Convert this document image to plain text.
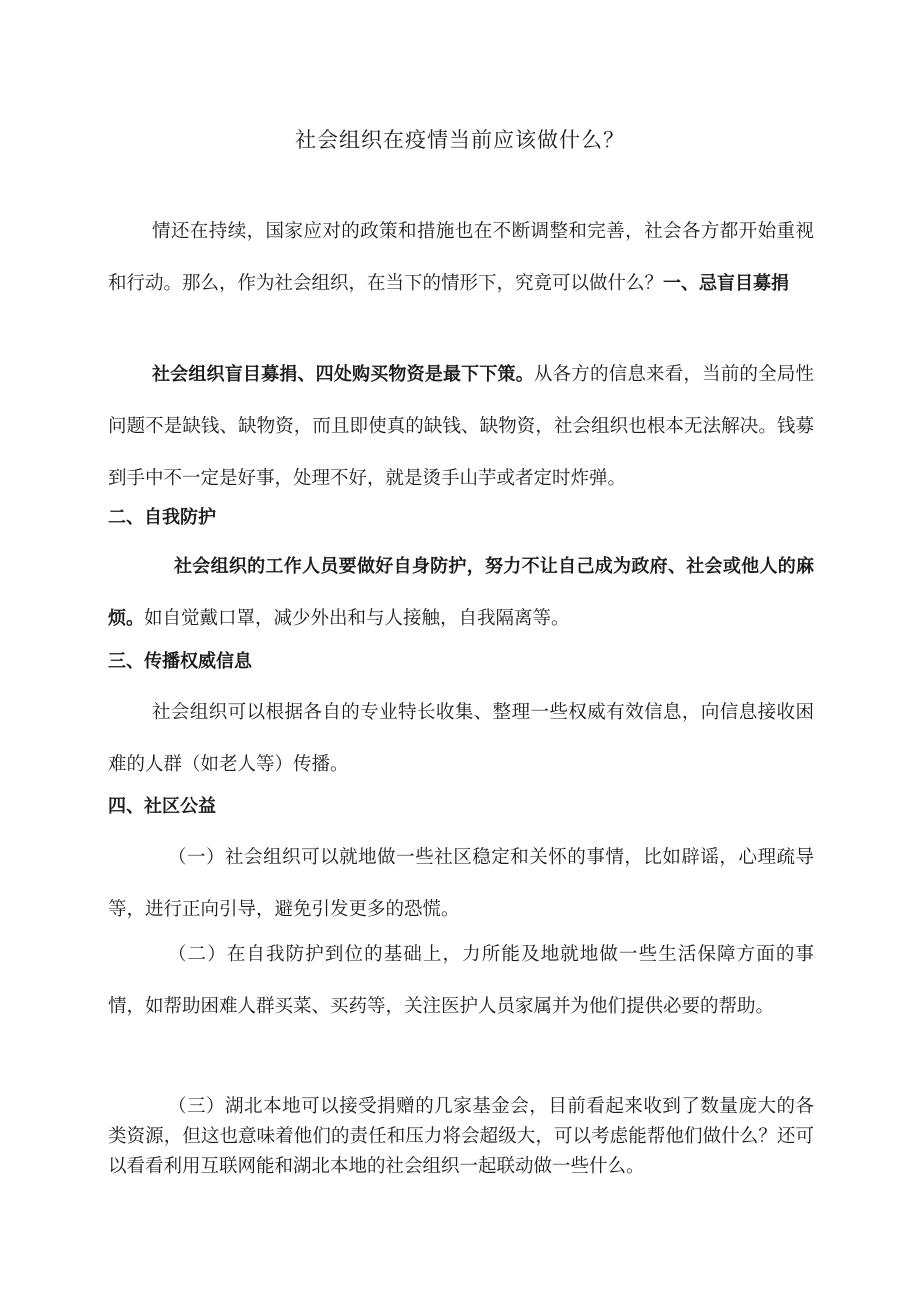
社会组织在疫情当前应该做什么？

情还在持续，国家应对的政策和措施也在不断调整和完善，社会各方都开始重视和行动。那么，作为社会组织，在当下的情形下，究竟可以做什么？一、忌盲目募捐

社会组织盲目募捐、四处购买物资是最下下策。从各方的信息来看，当前的全局性问题不是缺钱、缺物资，而且即使真的缺钱、缺物资，社会组织也根本无法解决。钱募到手中不一定是好事，处理不好，就是烫手山芋或者定时炸弹。

二、自我防护

社会组织的工作人员要做好自身防护，努力不让自己成为政府、社会或他人的麻烦。如自觉戴口罩，减少外出和与人接触，自我隔离等。

三、传播权威信息

社会组织可以根据各自的专业特长收集、整理一些权威有效信息，向信息接收困难的人群（如老人等）传播。

四、社区公益

（一）社会组织可以就地做一些社区稳定和关怀的事情，比如辟谣，心理疏导等，进行正向引导，避免引发更多的恐慌。

（二）在自我防护到位的基础上，力所能及地就地做一些生活保障方面的事情，如帮助困难人群买菜、买药等，关注医护人员家属并为他们提供必要的帮助。

（三）湖北本地可以接受捐赠的几家基金会，目前看起来收到了数量庞大的各类资源，但这也意味着他们的责任和压力将会超级大，可以考虑能帮他们做什么？还可以看看利用互联网能和湖北本地的社会组织一起联动做一些什么。
